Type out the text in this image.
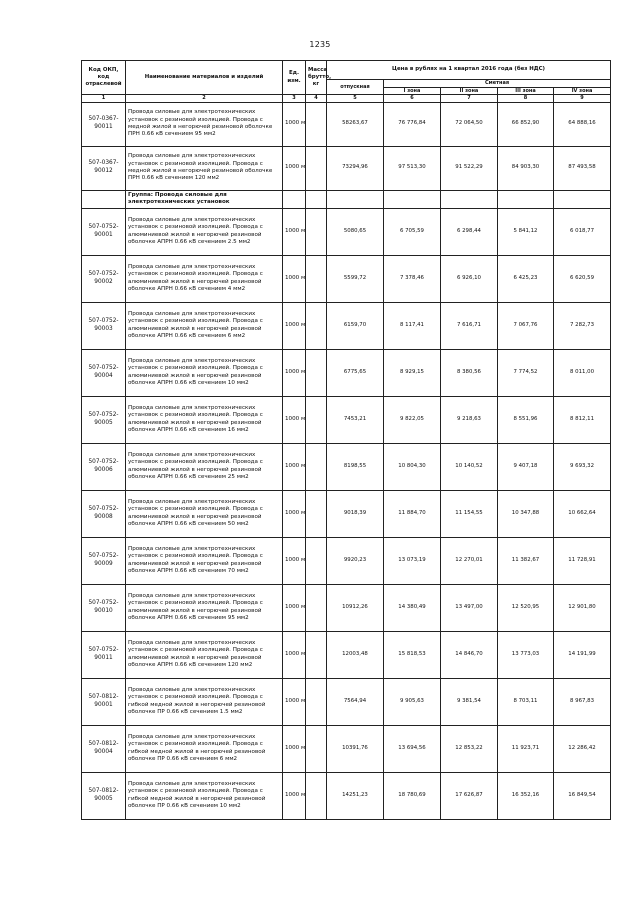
1235
Код ОКП, код отраслевой	Наименование материалов и изделий	Ед. изм.	Масса брутто, кг	Цена в рублях на 1 квартал 2016 года (без НДС)				
				отпускная	Сметная			
					I зона	II зона	III зона	IV зона
1	2	3	4	5	6	7	8	9
507-0367-90011	Провода силовые для электротехнических установок с резиновой изоляцией. Провода с медной жилой в негорючей резиновой оболочке ПРН 0.66 кВ сечением 95 мм2	1000 м		58263,67	76 776,84	72 064,50	66 852,90	64 888,16
507-0367-90012	Провода силовые для электротехнических установок с резиновой изоляцией. Провода с медной жилой в негорючей резиновой оболочке ПРН 0.66 кВ сечением 120 мм2	1000 м		73294,96	97 513,30	91 522,29	84 903,30	87 493,58
	Группа: Провода силовые для электротехнических установок							
507-0752-90001	Провода силовые для электротехнических установок с резиновой изоляцией. Провода с алюминиевой жилой в негорючей резиновой оболочке АПРН 0.66 кВ сечением 2.5 мм2	1000 м		5080,65	6 705,59	6 298,44	5 841,12	6 018,77
507-0752-90002	Провода силовые для электротехнических установок с резиновой изоляцией. Провода с алюминиевой жилой в негорючей резиновой оболочке АПРН 0.66 кВ сечением 4 мм2	1000 м		5599,72	7 378,46	6 926,10	6 425,23	6 620,59
507-0752-90003	Провода силовые для электротехнических установок с резиновой изоляцией. Провода с алюминиевой жилой в негорючей резиновой оболочке АПРН 0.66 кВ сечением 6 мм2	1000 м		6159,70	8 117,41	7 616,71	7 067,76	7 282,73
507-0752-90004	Провода силовые для электротехнических установок с резиновой изоляцией. Провода с алюминиевой жилой в негорючей резиновой оболочке АПРН 0.66 кВ сечением 10 мм2	1000 м		6775,65	8 929,15	8 380,56	7 774,52	8 011,00
507-0752-90005	Провода силовые для электротехнических установок с резиновой изоляцией. Провода с алюминиевой жилой в негорючей резиновой оболочке АПРН 0.66 кВ сечением 16 мм2	1000 м		7453,21	9 822,05	9 218,63	8 551,96	8 812,11
507-0752-90006	Провода силовые для электротехнических установок с резиновой изоляцией. Провода с алюминиевой жилой в негорючей резиновой оболочке АПРН 0.66 кВ сечением 25 мм2	1000 м		8198,55	10 804,30	10 140,52	9 407,18	9 693,32
507-0752-90008	Провода силовые для электротехнических установок с резиновой изоляцией. Провода с алюминиевой жилой в негорючей резиновой оболочке АПРН 0.66 кВ сечением 50 мм2	1000 м		9018,39	11 884,70	11 154,55	10 347,88	10 662,64
507-0752-90009	Провода силовые для электротехнических установок с резиновой изоляцией. Провода с алюминиевой жилой в негорючей резиновой оболочке АПРН 0.66 кВ сечением 70 мм2	1000 м		9920,23	13 073,19	12 270,01	11 382,67	11 728,91
507-0752-90010	Провода силовые для электротехнических установок с резиновой изоляцией. Провода с алюминиевой жилой в негорючей резиновой оболочке АПРН 0.66 кВ сечением 95 мм2	1000 м		10912,26	14 380,49	13 497,00	12 520,95	12 901,80
507-0752-90011	Провода силовые для электротехнических установок с резиновой изоляцией. Провода с алюминиевой жилой в негорючей резиновой оболочке АПРН 0.66 кВ сечением 120 мм2	1000 м		12003,48	15 818,53	14 846,70	13 773,03	14 191,99
507-0812-90001	Провода силовые для электротехнических установок с резиновой изоляцией. Провода с гибкой медной жилой в негорючей резиновой оболочке ПР 0.66 кВ сечением 1.5 мм2	1000 м		7564,94	9 905,63	9 381,54	8 703,11	8 967,83
507-0812-90004	Провода силовые для электротехнических установок с резиновой изоляцией. Провода с гибкой медной жилой в негорючей резиновой оболочке ПР 0.66 кВ сечением 6 мм2	1000 м		10391,76	13 694,56	12 853,22	11 923,71	12 286,42
507-0812-90005	Провода силовые для электротехнических установок с резиновой изоляцией. Провода с гибкой медной жилой в негорючей резиновой оболочке ПР 0.66 кВ сечением 10 мм2	1000 м		14251,23	18 780,69	17 626,87	16 352,16	16 849,54
